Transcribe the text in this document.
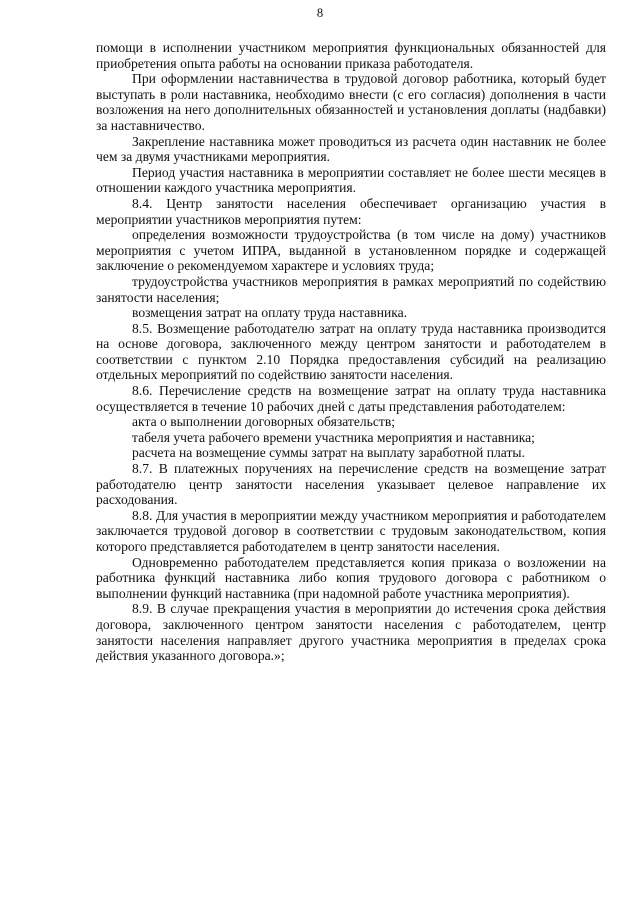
8

помощи в исполнении участником мероприятия функциональных обязанностей для приобретения опыта работы на основании приказа работодателя.

При оформлении наставничества в трудовой договор работника, который будет выступать в роли наставника, необходимо внести (с его согласия) дополнения в части возложения на него дополнительных обязанностей и установления доплаты (надбавки) за наставничество.

Закрепление наставника может проводиться из расчета один наставник не более чем за двумя участниками мероприятия.

Период участия наставника в мероприятии составляет не более шести месяцев в отношении каждого участника мероприятия.

8.4. Центр занятости населения обеспечивает организацию участия в мероприятии участников мероприятия путем:

определения возможности трудоустройства (в том числе на дому) участников мероприятия с учетом ИПРА, выданной в установленном порядке и содержащей заключение о рекомендуемом характере и условиях труда;

трудоустройства участников мероприятия в рамках мероприятий по содействию занятости населения;

возмещения затрат на оплату труда наставника.

8.5. Возмещение работодателю затрат на оплату труда наставника производится на основе договора, заключенного между центром занятости и работодателем в соответствии с пунктом 2.10 Порядка предоставления субсидий на реализацию отдельных мероприятий по содействию занятости населения.

8.6. Перечисление средств на возмещение затрат на оплату труда наставника осуществляется в течение 10 рабочих дней с даты представления работодателем:

акта о выполнении договорных обязательств;

табеля учета рабочего времени участника мероприятия и наставника;

расчета на возмещение суммы затрат на выплату заработной платы.

8.7. В платежных поручениях на перечисление средств на возмещение затрат работодателю центр занятости населения указывает целевое направление их расходования.

8.8. Для участия в мероприятии между участником мероприятия и работодателем заключается трудовой договор в соответствии с трудовым законодательством, копия которого представляется работодателем в центр занятости населения.

Одновременно работодателем представляется копия приказа о возложении на работника функций наставника либо копия трудового договора с работником о выполнении функций наставника (при надомной работе участника мероприятия).

8.9. В случае прекращения участия в мероприятии до истечения срока действия договора, заключенного центром занятости населения с работодателем, центр занятости населения направляет другого участника мероприятия в пределах срока действия указанного договора.»;
